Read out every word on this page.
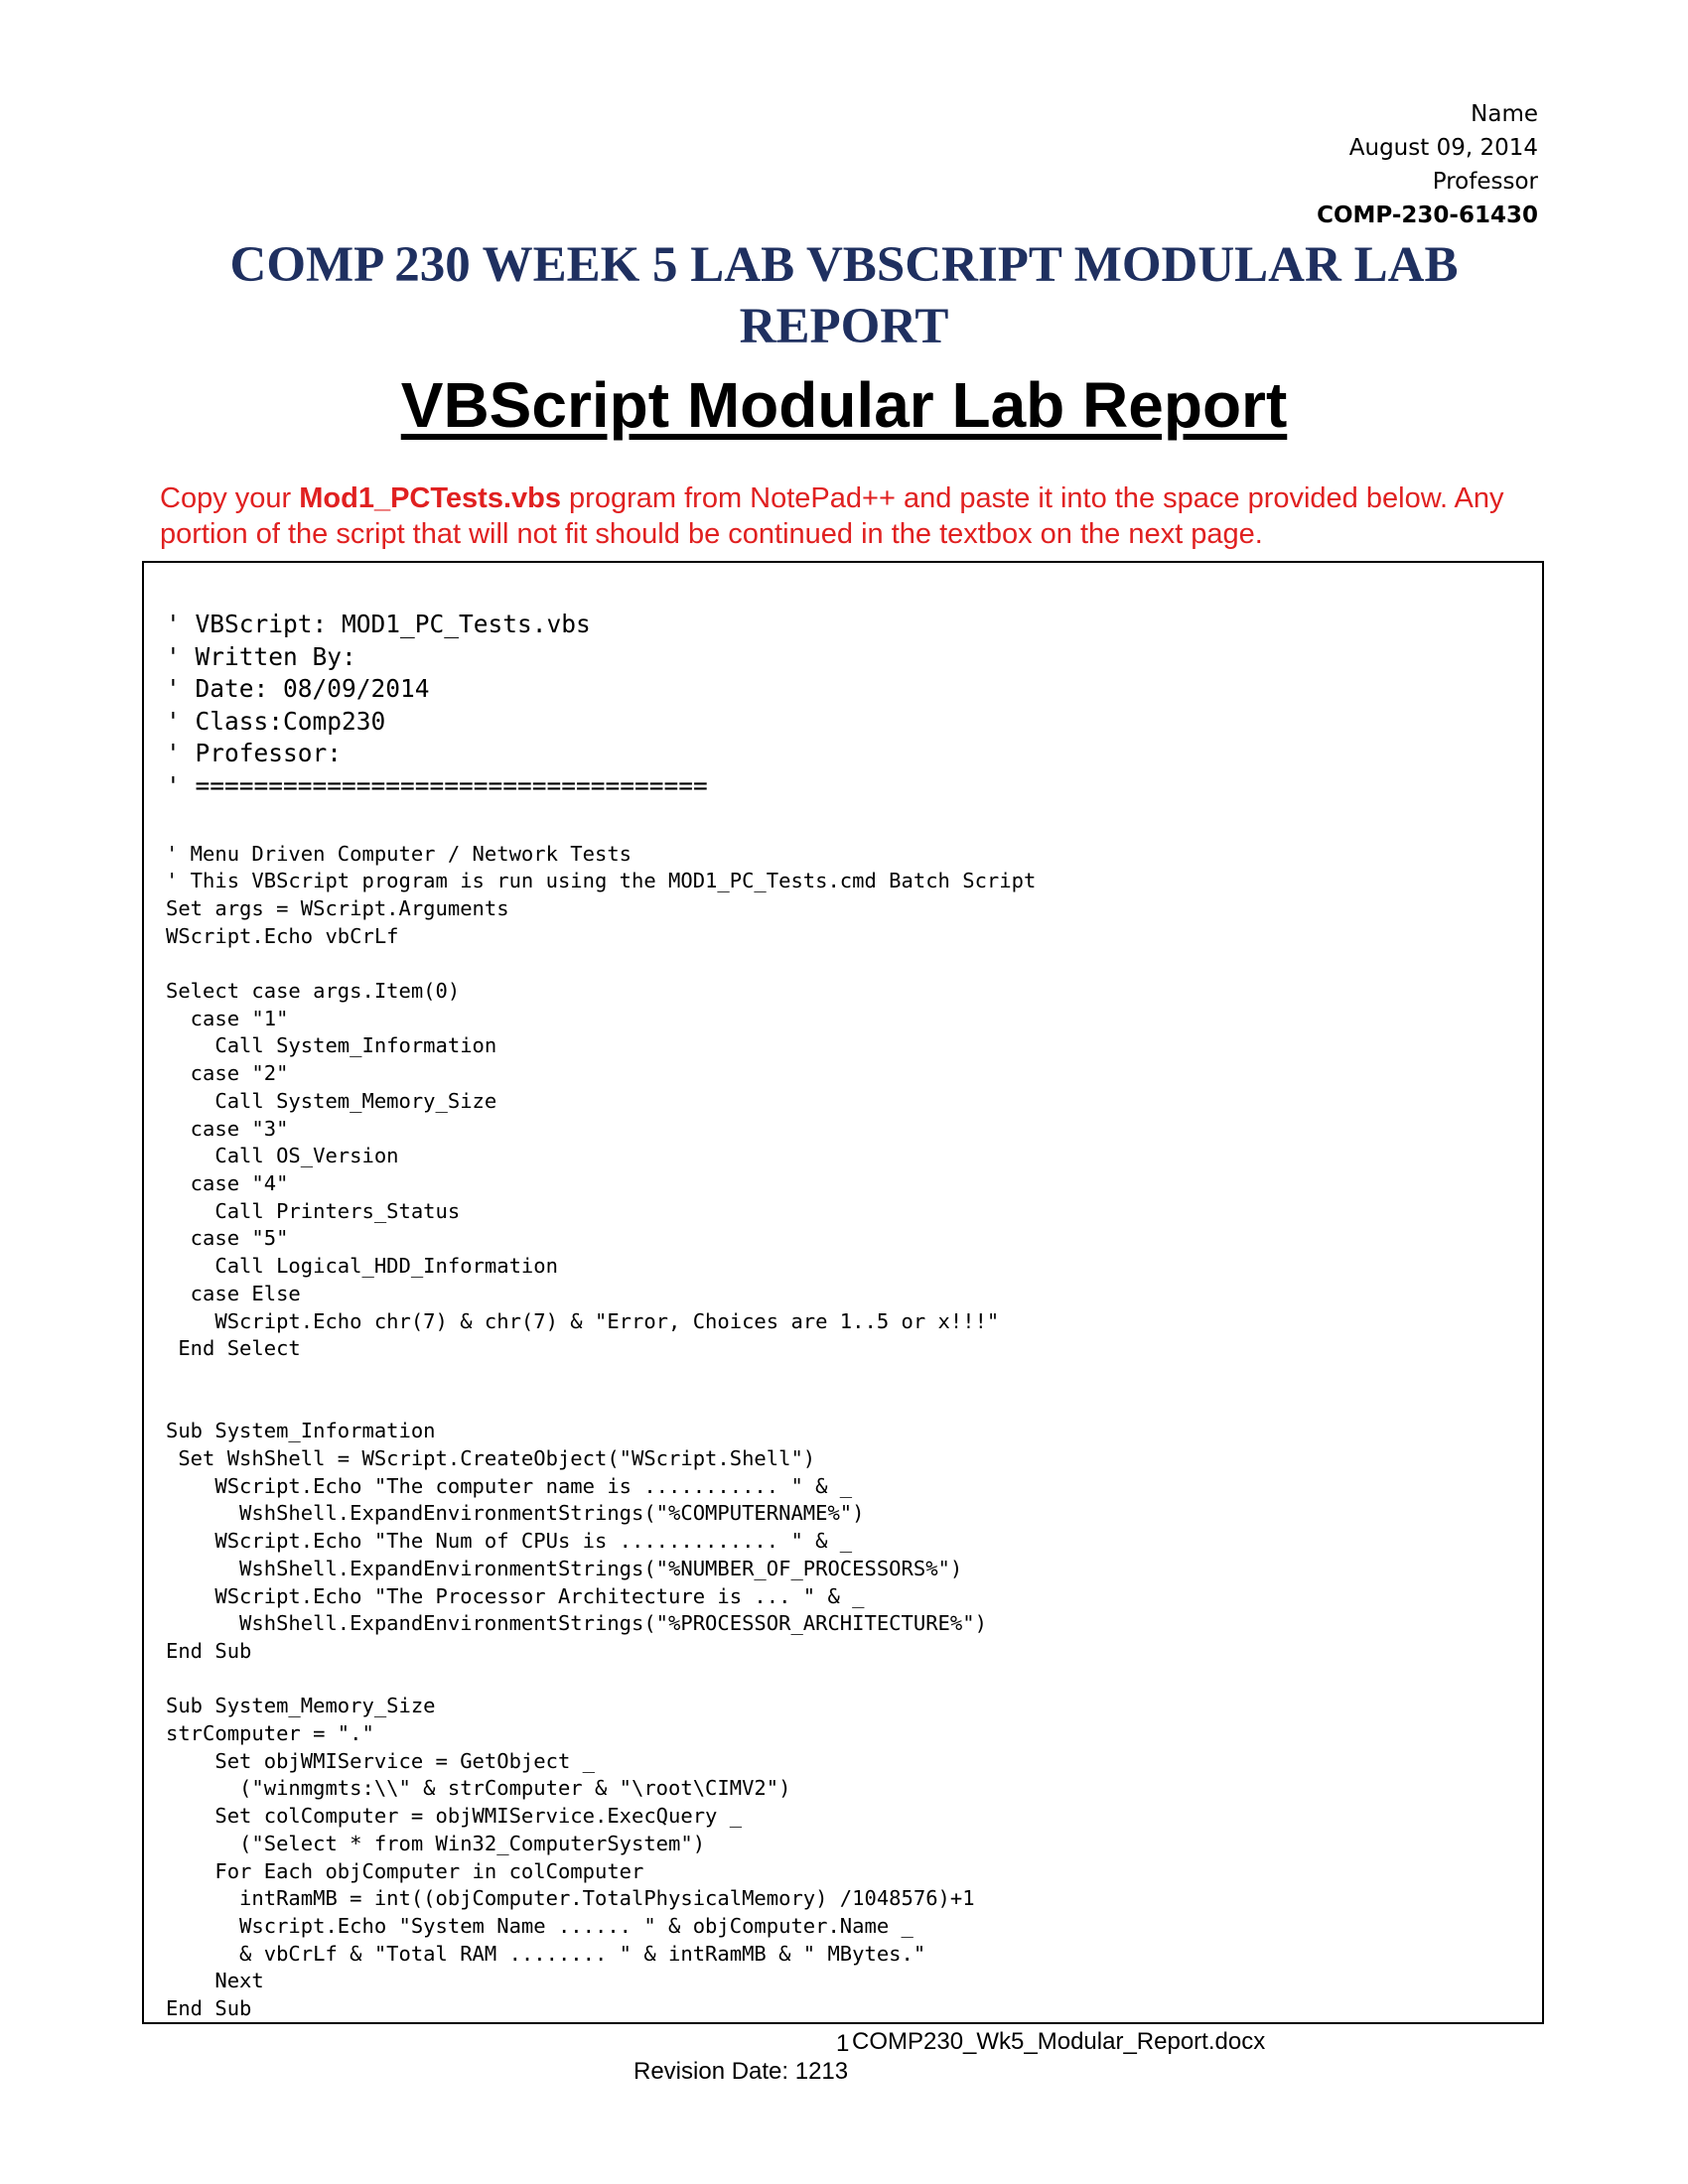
Name
August 09, 2014
Professor
COMP-230-61430
COMP 230 WEEK 5 LAB VBSCRIPT MODULAR LAB REPORT
VBScript Modular Lab Report
Copy your Mod1_PCTests.vbs program from NotePad++ and paste it into the space provided below. Any portion of the script that will not fit should be continued in the textbox on the next page.

' VBScript: MOD1_PC_Tests.vbs
' Written By:
' Date: 08/09/2014
' Class:Comp230
' Professor:
' ===================================

' Menu Driven Computer / Network Tests
' This VBScript program is run using the MOD1_PC_Tests.cmd Batch Script
Set args = WScript.Arguments
WScript.Echo vbCrLf

Select case args.Item(0)
case "1"
Call System_Information
case "2"
Call System_Memory_Size
case "3"
Call OS_Version
case "4"
Call Printers_Status
case "5"
Call Logical_HDD_Information
case Else
WScript.Echo chr(7) & chr(7) & "Error, Choices are 1..5 or x!!!"
End Select

Sub System_Information
Set WshShell = WScript.CreateObject("WScript.Shell")
WScript.Echo "The computer name is ........... " & _
WshShell.ExpandEnvironmentStrings("%COMPUTERNAME%")
WScript.Echo "The Num of CPUs is ............. " & _
WshShell.ExpandEnvironmentStrings("%NUMBER_OF_PROCESSORS%")
WScript.Echo "The Processor Architecture is ... " & _
WshShell.ExpandEnvironmentStrings("%PROCESSOR_ARCHITECTURE%")
End Sub

Sub System_Memory_Size
strComputer = "."
Set objWMIService = GetObject _
("winmgmts:\\" & strComputer & "\root\CIMV2")
Set colComputer = objWMIService.ExecQuery _
("Select * from Win32_ComputerSystem")
For Each objComputer in colComputer
intRamMB = int((objComputer.TotalPhysicalMemory) /1048576)+1
Wscript.Echo "System Name ...... " & objComputer.Name _
& vbCrLf & "Total RAM ........ " & intRamMB & " MBytes."
Next
End Sub

1 COMP230_Wk5_Modular_Report.docx
Revision Date: 1213
